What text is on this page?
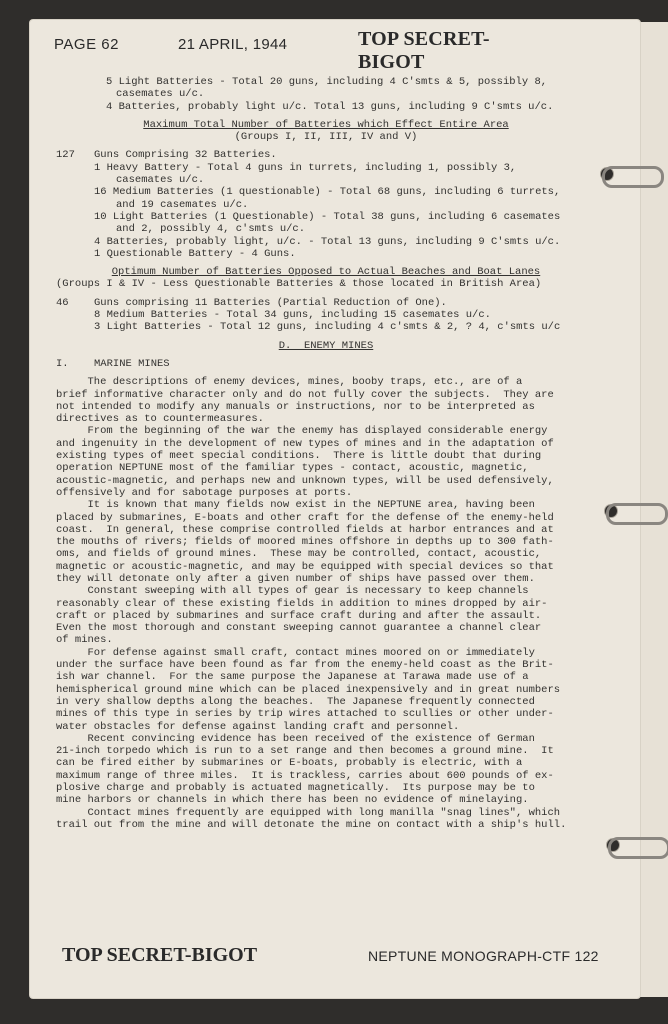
PAGE 62	21 APRIL, 1944	TOP SECRET-BIGOT
5 Light Batteries - Total 20 guns, including 4 C'smts & 5, possibly 8,
casemates u/c.
4 Batteries, probably light u/c. Total 13 guns, including 9 C'smts u/c.
Maximum Total Number of Batteries which Effect Entire Area
(Groups I, II, III, IV and V)
127 Guns Comprising 32 Batteries.
1 Heavy Battery - Total 4 guns in turrets, including 1, possibly 3,
casemates u/c.
16 Medium Batteries (1 questionable) - Total 68 guns, including 6 turrets,
and 19 casemates u/c.
10 Light Batteries (1 Questionable) - Total 38 guns, including 6 casemates
and 2, possibly 4, c'smts u/c.
4 Batteries, probably light, u/c. - Total 13 guns, including 9 C'smts u/c.
1 Questionable Battery - 4 Guns.
Optimum Number of Batteries Opposed to Actual Beaches and Boat Lanes
(Groups I & IV - Less Questionable Batteries & those located in British Area)
46 Guns comprising 11 Batteries (Partial Reduction of One).
8 Medium Batteries - Total 34 guns, including 15 casemates u/c.
3 Light Batteries - Total 12 guns, including 4 c'smts & 2, ? 4, c'smts u/c
D.  ENEMY MINES
I. MARINE MINES
The descriptions of enemy devices, mines, booby traps, etc., are of a
brief informative character only and do not fully cover the subjects.  They are
not intended to modify any manuals or instructions, nor to be interpreted as
directives as to countermeasures.
From the beginning of the war the enemy has displayed considerable energy
and ingenuity in the development of new types of mines and in the adaptation of
existing types of meet special conditions.  There is little doubt that during
operation NEPTUNE most of the familiar types - contact, acoustic, magnetic,
acoustic-magnetic, and perhaps new and unknown types, will be used defensively,
offensively and for sabotage purposes at ports.
It is known that many fields now exist in the NEPTUNE area, having been
placed by submarines, E-boats and other craft for the defense of the enemy-held
coast.  In general, these comprise controlled fields at harbor entrances and at
the mouths of rivers; fields of moored mines offshore in depths up to 300 fath-
oms, and fields of ground mines.  These may be controlled, contact, acoustic,
magnetic or acoustic-magnetic, and may be equipped with special devices so that
they will detonate only after a given number of ships have passed over them.
Constant sweeping with all types of gear is necessary to keep channels
reasonably clear of these existing fields in addition to mines dropped by air-
craft or placed by submarines and surface craft during and after the assault.
Even the most thorough and constant sweeping cannot guarantee a channel clear
of mines.
For defense against small craft, contact mines moored on or immediately
under the surface have been found as far from the enemy-held coast as the Brit-
ish war channel.  For the same purpose the Japanese at Tarawa made use of a
hemispherical ground mine which can be placed inexpensively and in great numbers
in very shallow depths along the beaches.  The Japanese frequently connected
mines of this type in series by trip wires attached to scullies or other under-
water obstacles for defense against landing craft and personnel.
Recent convincing evidence has been received of the existence of German
21-inch torpedo which is run to a set range and then becomes a ground mine.  It
can be fired either by submarines or E-boats, probably is electric, with a
maximum range of three miles.  It is trackless, carries about 600 pounds of ex-
plosive charge and probably is actuated magnetically.  Its purpose may be to
mine harbors or channels in which there has been no evidence of minelaying.
Contact mines frequently are equipped with long manilla "snag lines", which
trail out from the mine and will detonate the mine on contact with a ship's hull.
TOP SECRET-BIGOT	NEPTUNE MONOGRAPH-CTF 122
